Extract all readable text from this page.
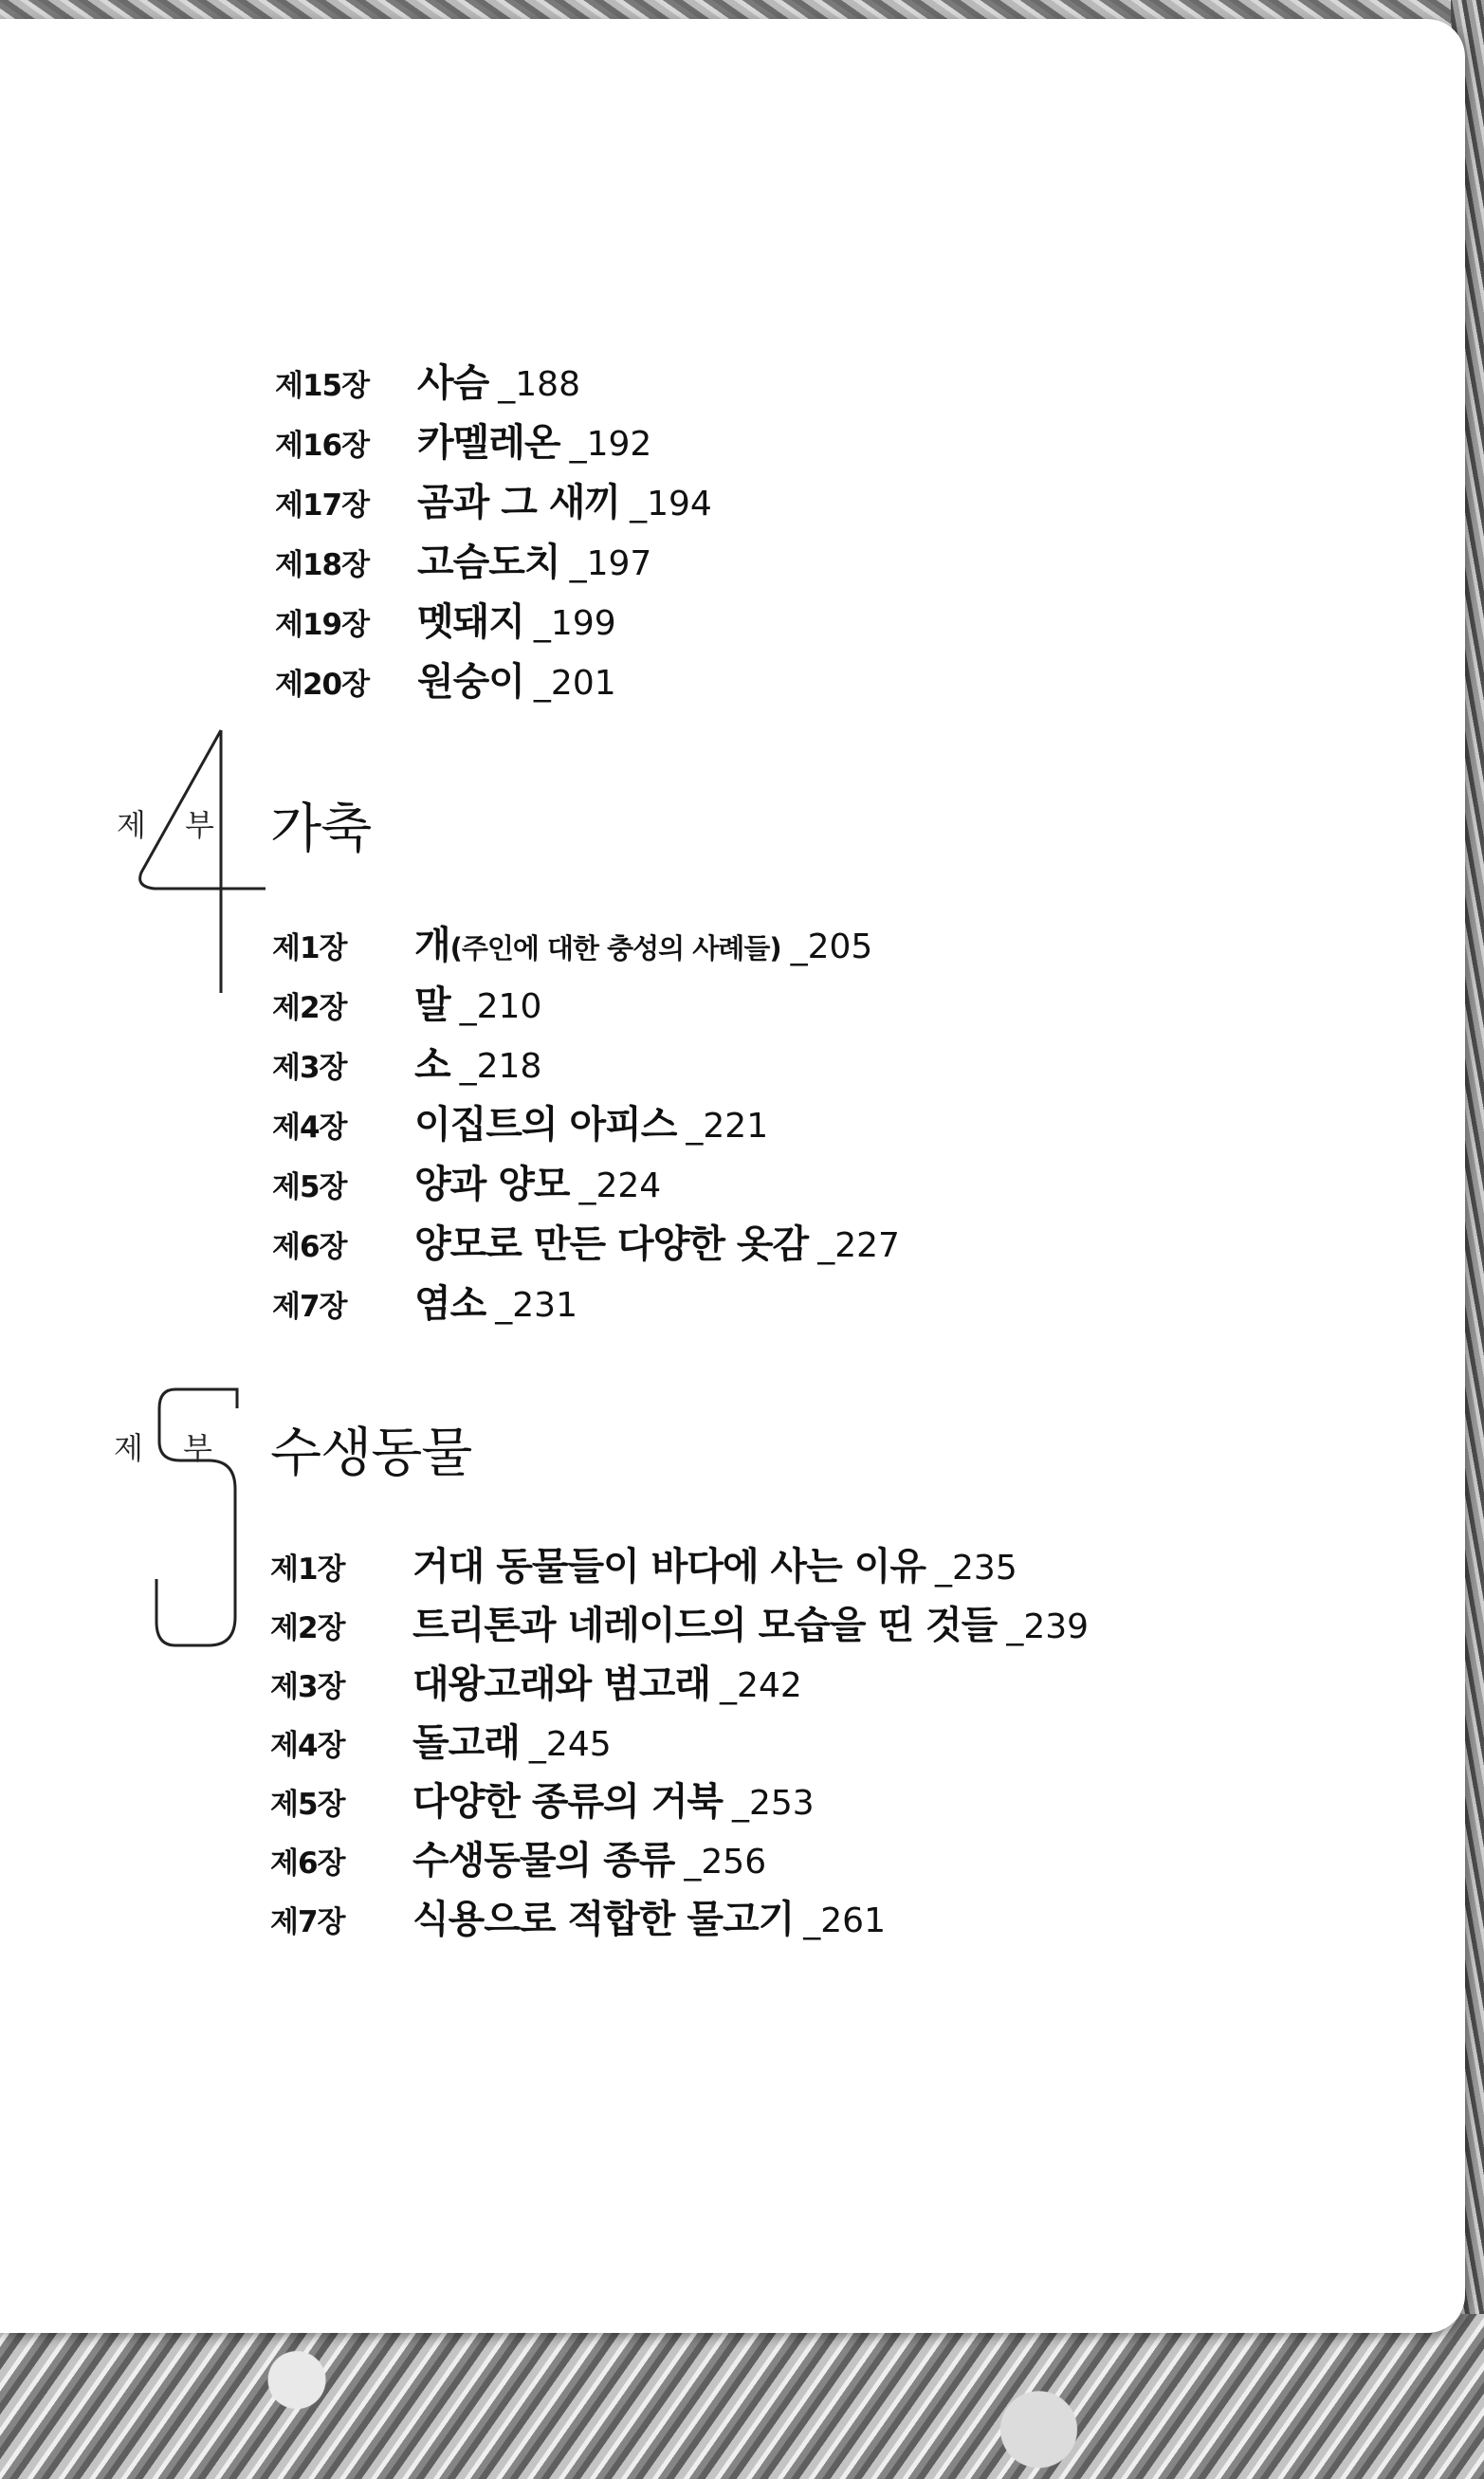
제15장	사슴 _188
제16장	카멜레온 _192
제17장	곰과 그 새끼 _194
제18장	고슴도치 _197
제19장	멧돼지 _199
제20장	원숭이 _201
제 부 가축
제1장	개 (주인에 대한 충성의 사례들) _205
제2장	말 _210
제3장	소 _218
제4장	이집트의 아피스 _221
제5장	양과 양모 _224
제6장	양모로 만든 다양한 옷감 _227
제7장	염소 _231
제 부 수생동물
제1장	거대 동물들이 바다에 사는 이유 _235
제2장	트리톤과 네레이드의 모습을 띤 것들 _239
제3장	대왕고래와 범고래 _242
제4장	돌고래 _245
제5장	다양한 종류의 거북 _253
제6장	수생동물의 종류 _256
제7장	식용으로 적합한 물고기 _261
